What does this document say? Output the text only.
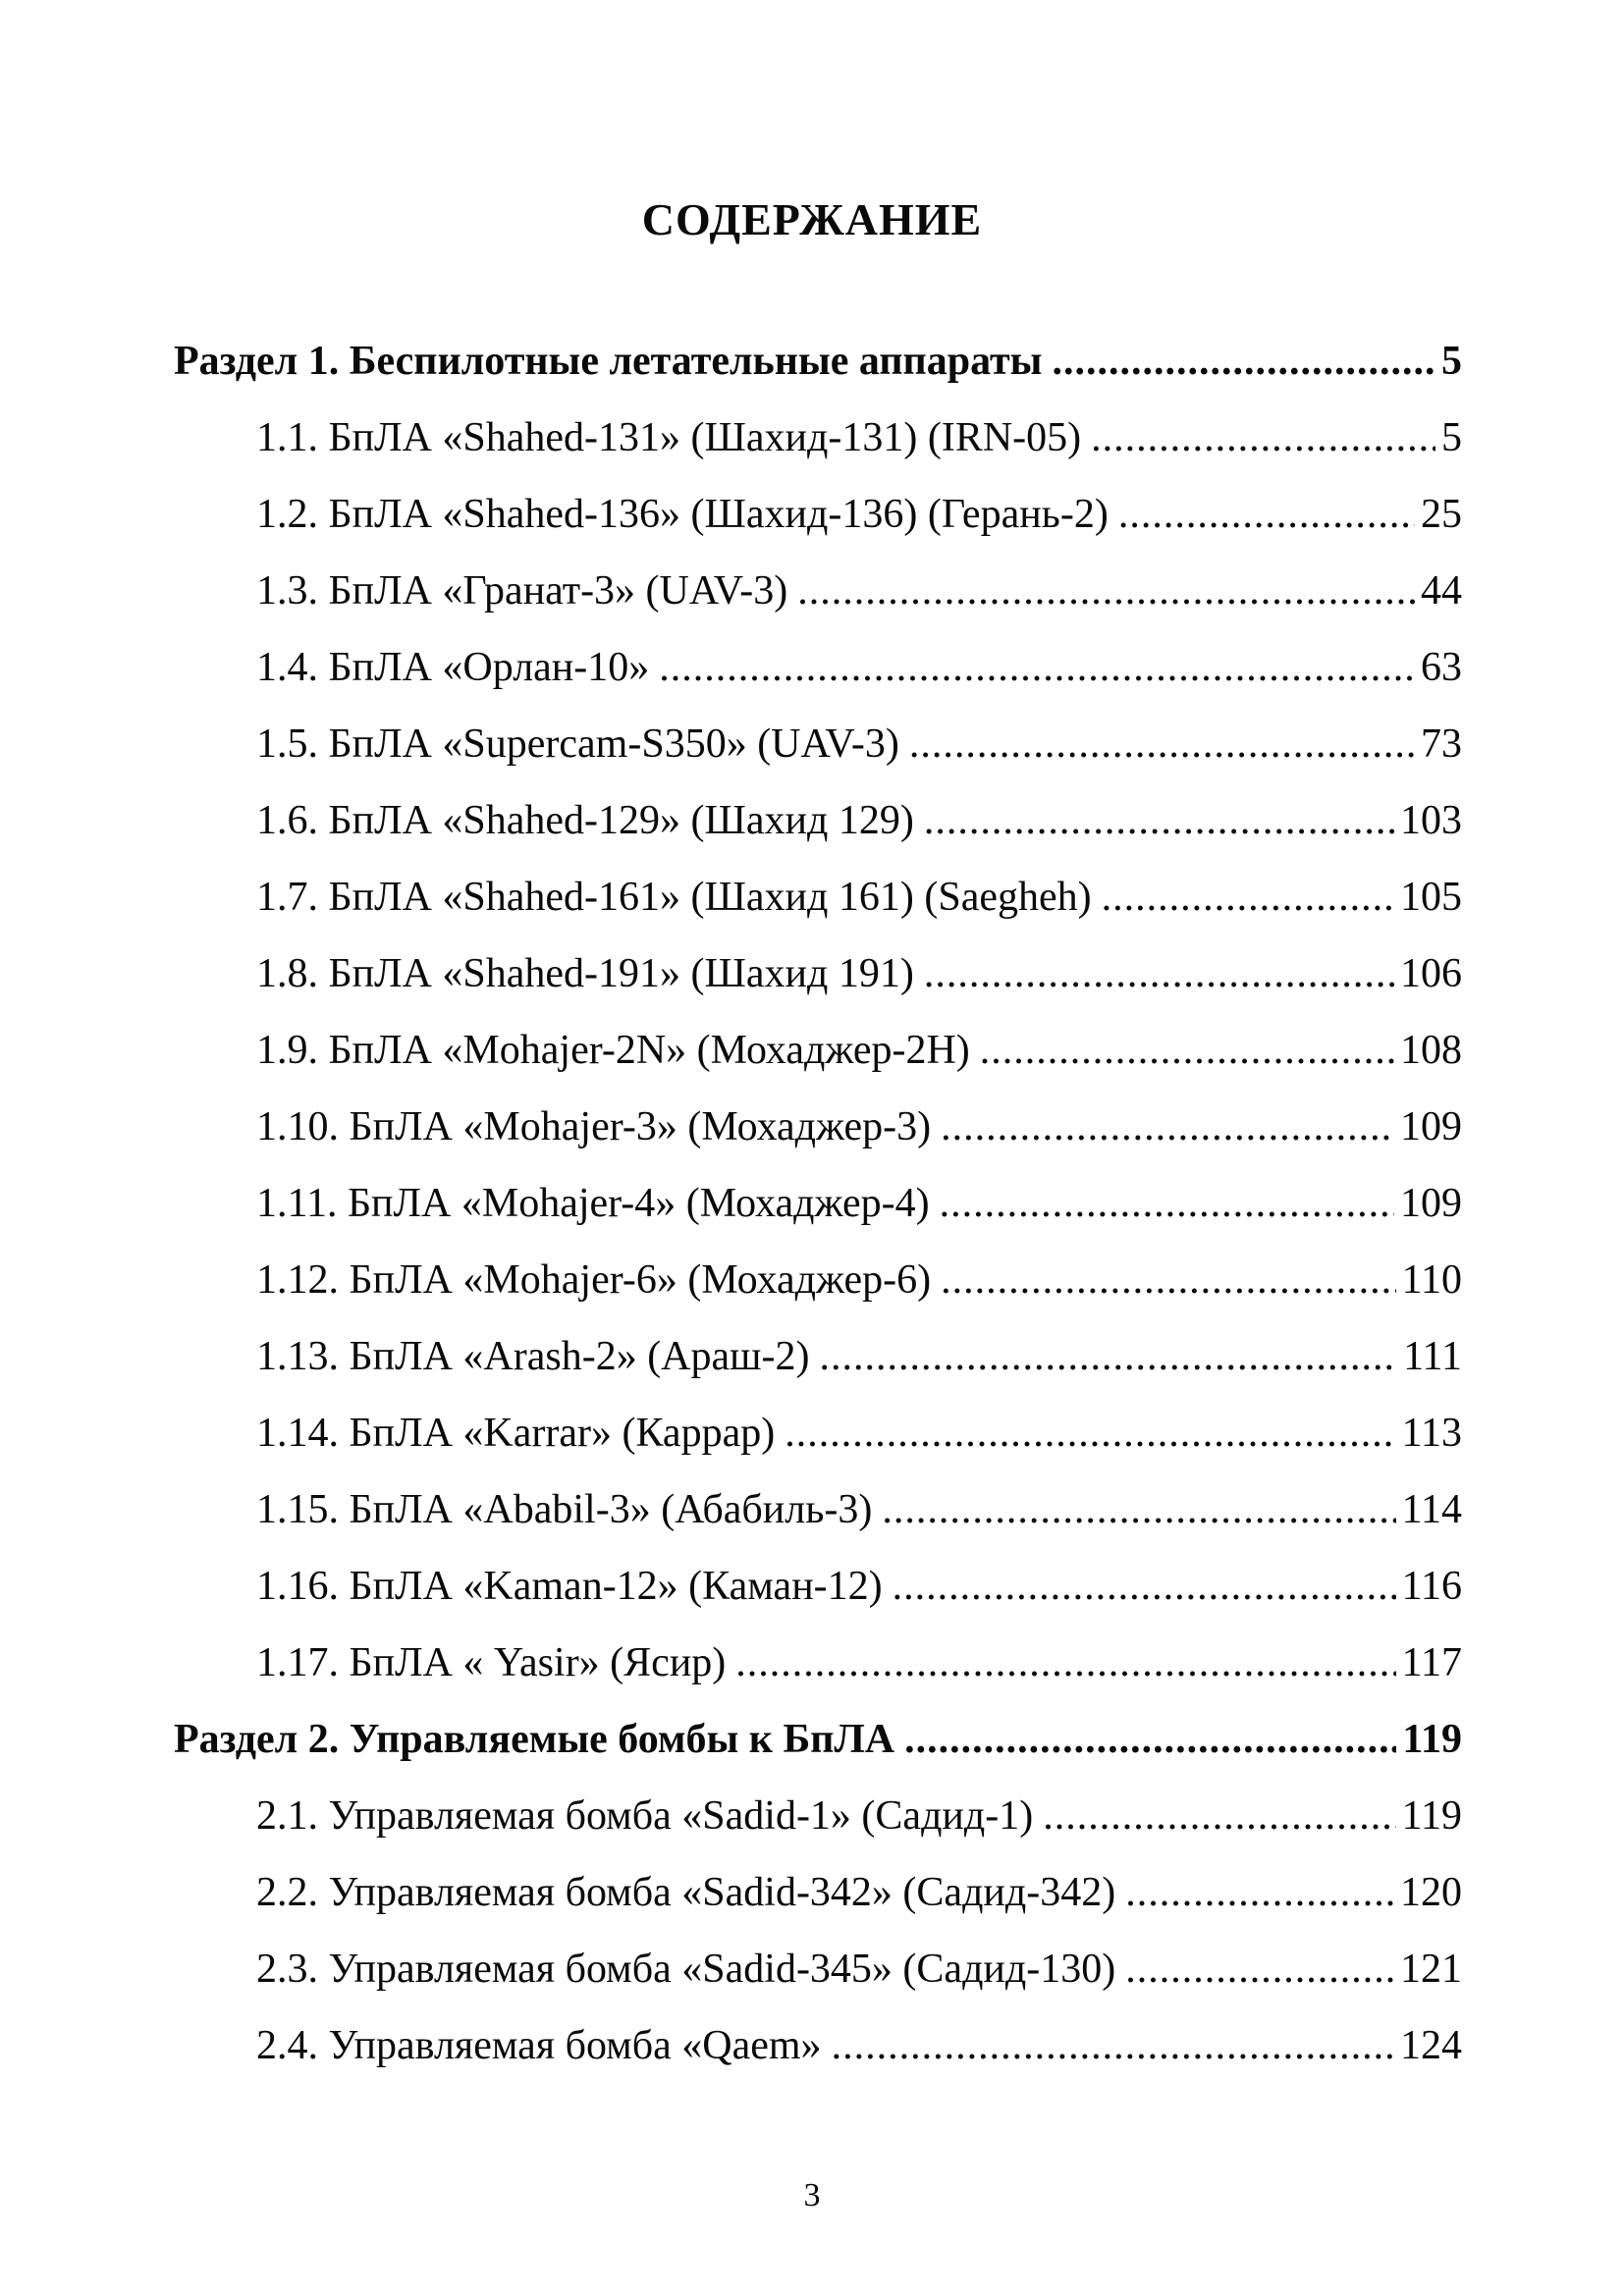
СОДЕРЖАНИЕ
Раздел 1. Беспилотные летательные аппараты .....	5
1.1. БпЛА «Shahed-131» (Шахид-131) (IRN-05) .....	5
1.2. БпЛА «Shahed-136» (Шахид-136) (Герань-2) .....	25
1.3. БпЛА «Гранат-3» (UAV-3) .....	44
1.4. БпЛА «Орлан-10» .....	63
1.5. БпЛА «Supercam-S350» (UAV-3) .....	73
1.6. БпЛА «Shahed-129» (Шахид 129) .....	103
1.7. БпЛА «Shahed-161» (Шахид 161) (Saegheh) .....	105
1.8. БпЛА «Shahed-191» (Шахид 191) .....	106
1.9. БпЛА «Mohajer-2N» (Мохаджер-2Н) .....	108
1.10. БпЛА «Mohajer-3» (Мохаджер-3) .....	109
1.11. БпЛА «Mohajer-4» (Мохаджер-4) .....	109
1.12. БпЛА «Mohajer-6» (Мохаджер-6) .....	110
1.13. БпЛА «Arash-2» (Араш-2) .....	111
1.14. БпЛА «Karrar» (Каррар) .....	113
1.15. БпЛА «Ababil-3» (Абабиль-3) .....	114
1.16. БпЛА «Kaman-12» (Каман-12) .....	116
1.17. БпЛА « Yasir» (Ясир) .....	117
Раздел 2. Управляемые бомбы к БпЛА .....	119
2.1. Управляемая бомба «Sadid-1» (Садид-1) .....	119
2.2. Управляемая бомба «Sadid-342» (Садид-342) .....	120
2.3. Управляемая бомба «Sadid-345» (Садид-130) .....	121
2.4. Управляемая бомба «Qaem» .....	124
3
